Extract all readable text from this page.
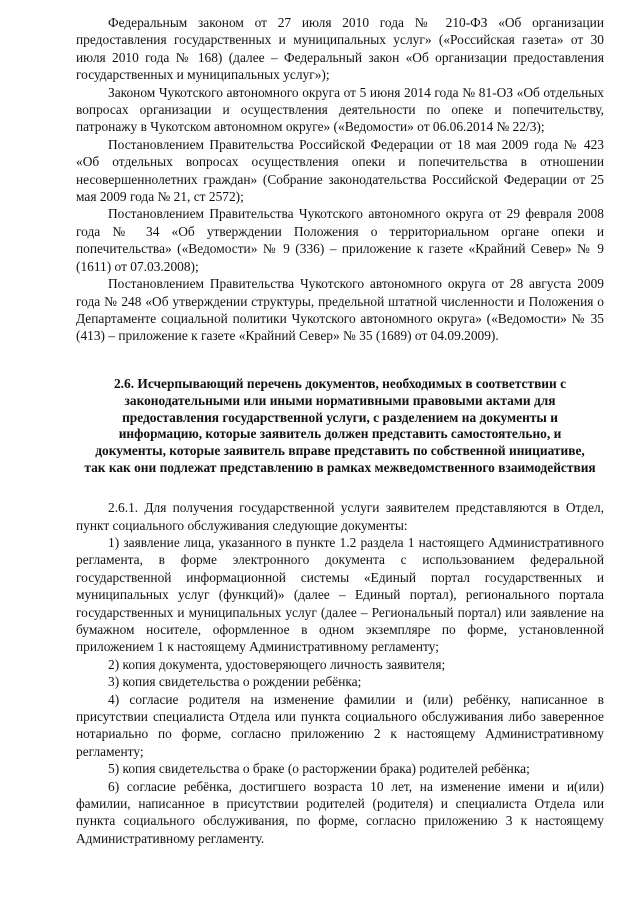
Федеральным законом от 27 июля 2010 года № 210-ФЗ «Об организации предоставления государственных и муниципальных услуг» («Российская газета» от 30 июля 2010 года № 168) (далее – Федеральный закон «Об организации предоставления государственных и муниципальных услуг»);

Законом Чукотского автономного округа от 5 июня 2014 года № 81-ОЗ «Об отдельных вопросах организации и осуществления деятельности по опеке и попечительству, патронажу в Чукотском автономном округе» («Ведомости» от 06.06.2014 № 22/3);

Постановлением Правительства Российской Федерации от 18 мая 2009 года № 423 «Об отдельных вопросах осуществления опеки и попечительства в отношении несовершеннолетних граждан» (Собрание законодательства Российской Федерации от 25 мая 2009 года № 21, ст 2572);

Постановлением Правительства Чукотского автономного округа от 29 февраля 2008 года № 34 «Об утверждении Положения о территориальном органе опеки и попечительства» («Ведомости» № 9 (336) – приложение к газете «Крайний Север» № 9 (1611) от 07.03.2008);

Постановлением Правительства Чукотского автономного округа от 28 августа 2009 года № 248 «Об утверждении структуры, предельной штатной численности и Положения о Департаменте социальной политики Чукотского автономного округа» («Ведомости» № 35 (413) – приложение к газете «Крайний Север» № 35 (1689) от 04.09.2009).

2.6. Исчерпывающий перечень документов, необходимых в соответствии с законодательными или иными нормативными правовыми актами для предоставления государственной услуги, с разделением на документы и информацию, которые заявитель должен представить самостоятельно, и документы, которые заявитель вправе представить по собственной инициативе, так как они подлежат представлению в рамках межведомственного взаимодействия

2.6.1. Для получения государственной услуги заявителем представляются в Отдел, пункт социального обслуживания следующие документы:

1) заявление лица, указанного в пункте 1.2 раздела 1 настоящего Административного регламента, в форме электронного документа с использованием федеральной государственной информационной системы «Единый портал государственных и муниципальных услуг (функций)» (далее – Единый портал), регионального портала государственных и муниципальных услуг (далее – Региональный портал) или заявление на бумажном носителе, оформленное в одном экземпляре по форме, установленной приложением 1 к настоящему Административному регламенту;

2) копия документа, удостоверяющего личность заявителя;

3) копия свидетельства о рождении ребёнка;

4) согласие родителя на изменение фамилии и (или) ребёнку, написанное в присутствии специалиста Отдела или пункта социального обслуживания либо заверенное нотариально по форме, согласно приложению 2 к настоящему Административному регламенту;

5) копия свидетельства о браке (о расторжении брака) родителей ребёнка;

6) согласие ребёнка, достигшего возраста 10 лет, на изменение имени и и(или) фамилии, написанное в присутствии родителей (родителя) и специалиста Отдела или пункта социального обслуживания, по форме, согласно приложению 3 к настоящему Административному регламенту.
